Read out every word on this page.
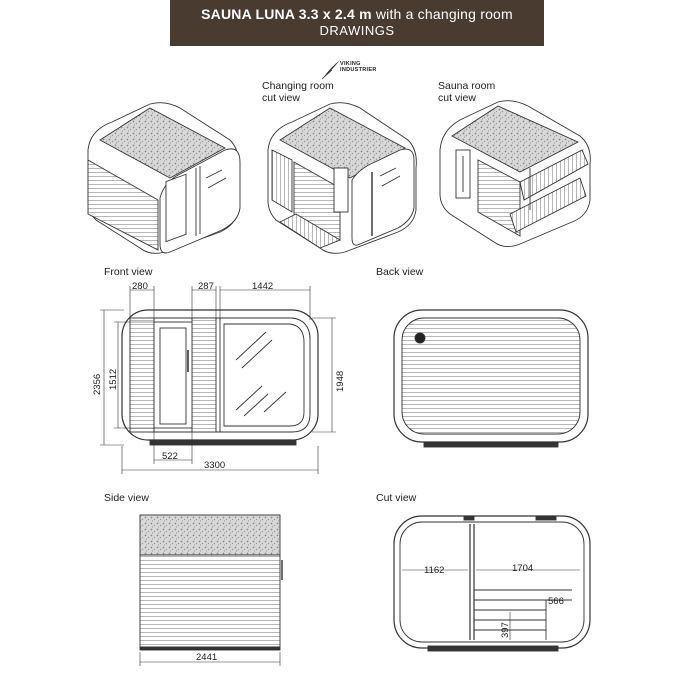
SAUNA LUNA 3.3 x 2.4 m with a changing room
DRAWINGS
VIKING
INDUSTRIER
Changing room
cut view
Sauna room
cut view
Front view	Back view
Side view	Cut view
280	287	1442
2356 1512	1948
522
3300
2441
1162	1704
566
397
